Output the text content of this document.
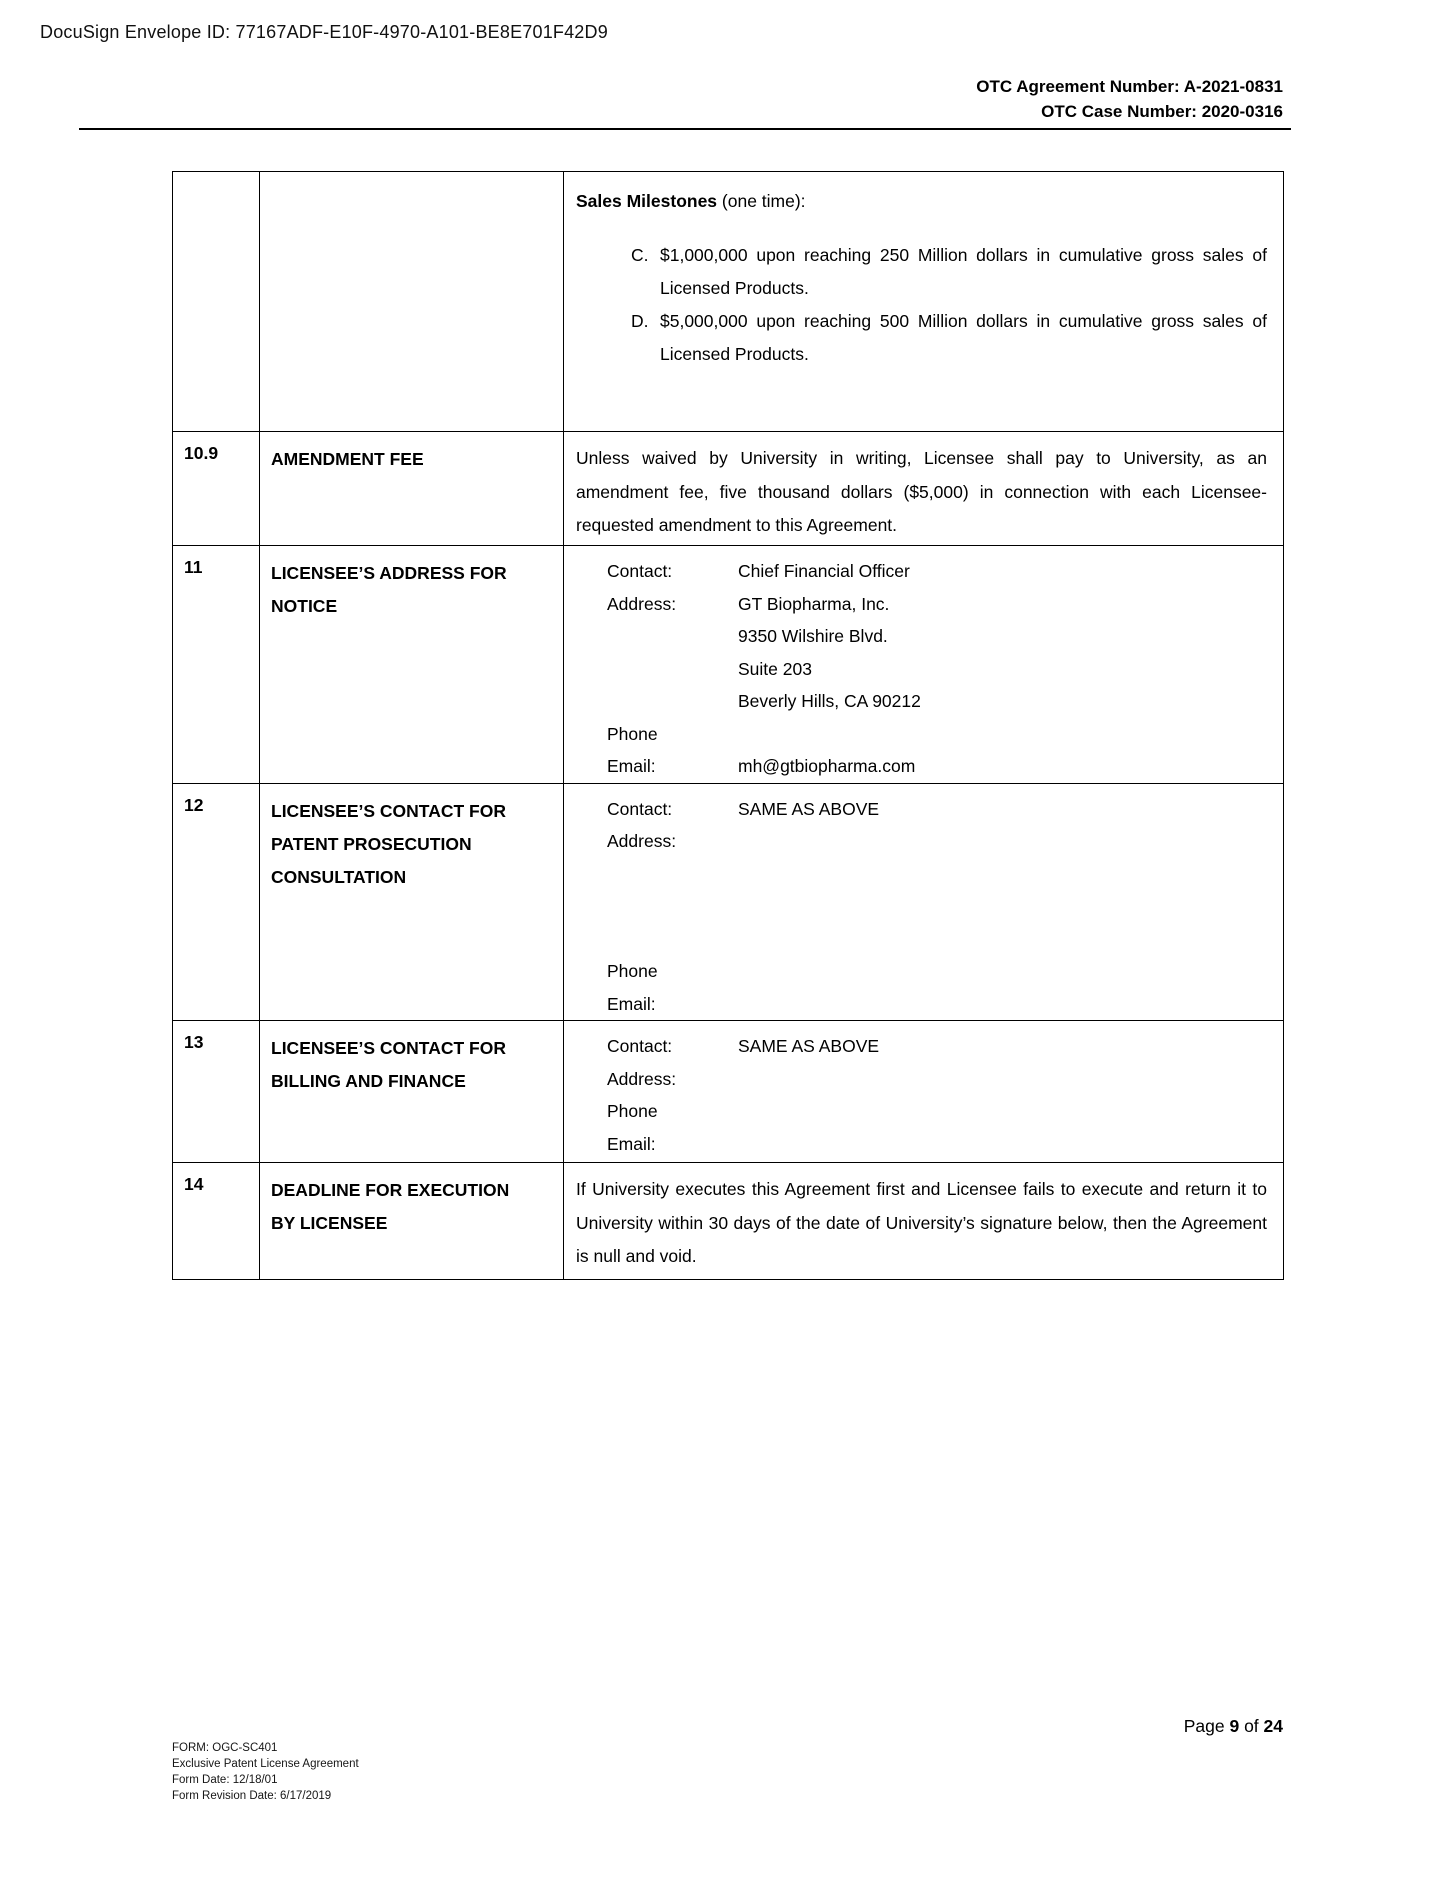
DocuSign Envelope ID: 77167ADF-E10F-4970-A101-BE8E701F42D9
OTC Agreement Number: A-2021-0831
OTC Case Number: 2020-0316

		Sales Milestones (one time):

C. $1,000,000 upon reaching 250 Million dollars in cumulative gross sales of Licensed Products.
D. $5,000,000 upon reaching 500 Million dollars in cumulative gross sales of Licensed Products.

10.9	AMENDMENT FEE	Unless waived by University in writing, Licensee shall pay to University, as an amendment fee, five thousand dollars ($5,000) in connection with each Licensee-requested amendment to this Agreement.

11	LICENSEE’S ADDRESS FOR NOTICE	
Contact:	Chief Financial Officer
Address:	GT Biopharma, Inc.
9350 Wilshire Blvd.
Suite 203
Beverly Hills, CA 90212
Phone
Email:	mh@gtbiopharma.com

12	LICENSEE’S CONTACT FOR PATENT PROSECUTION CONSULTATION	Contact: SAME AS ABOVE
Address:
Phone
Email:

13	LICENSEE’S CONTACT FOR BILLING AND FINANCE	Contact: SAME AS ABOVE
Address:
Phone
Email:

14	DEADLINE FOR EXECUTION BY LICENSEE	If University executes this Agreement first and Licensee fails to execute and return it to University within 30 days of the date of University’s signature below, then the Agreement is null and void.

FORM: OGC-SC401
Exclusive Patent License Agreement
Form Date: 12/18/01
Form Revision Date: 6/17/2019
Page 9 of 24
